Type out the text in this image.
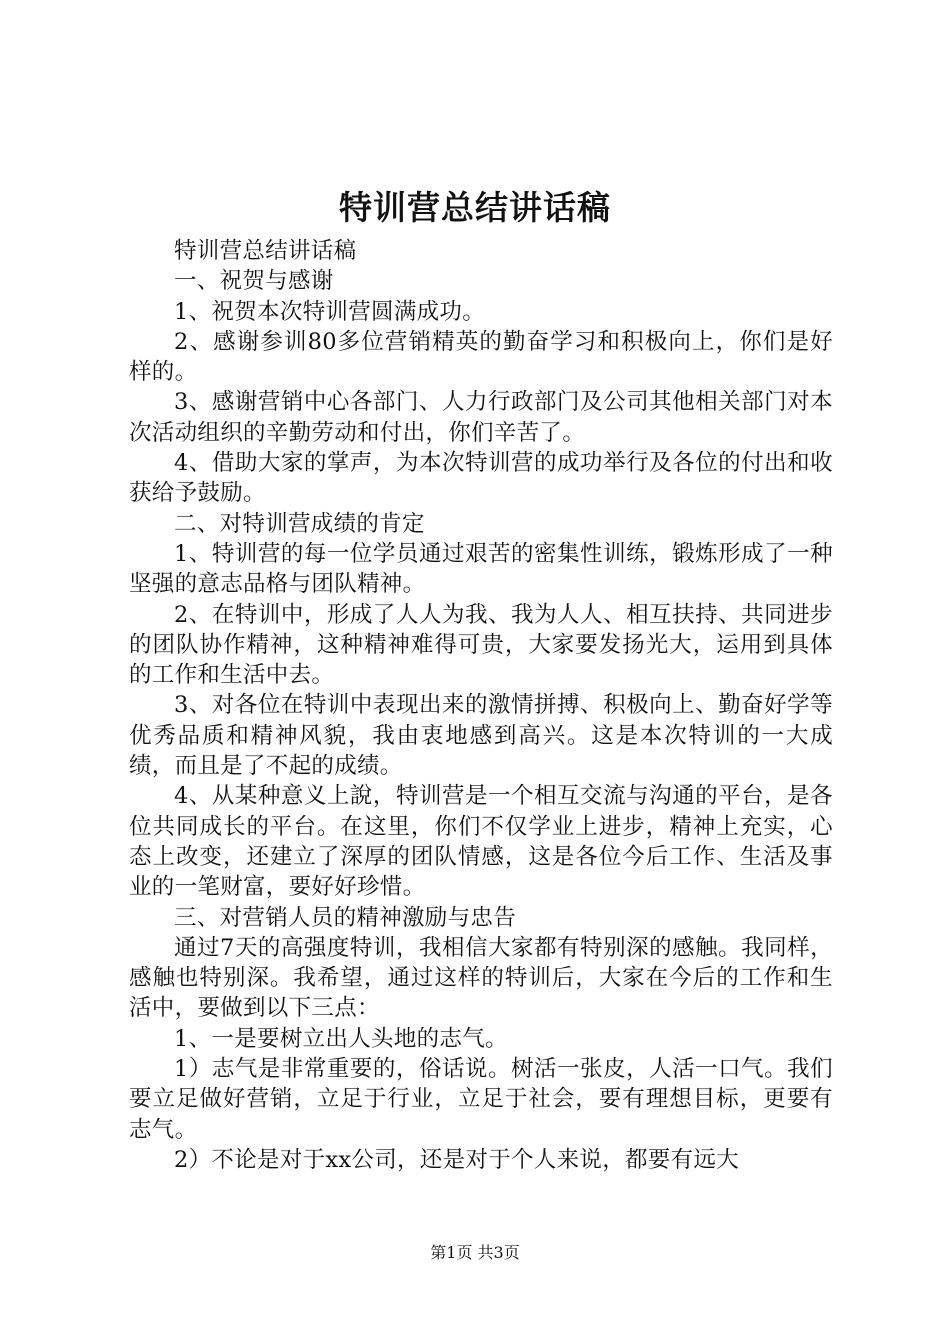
特训营总结讲话稿

特训营总结讲话稿

一、祝贺与感谢

1、祝贺本次特训营圆满成功。

2、感谢参训80多位营销精英的勤奋学习和积极向上，你们是好样的。

3、感谢营销中心各部门、人力行政部门及公司其他相关部门对本次活动组织的辛勤劳动和付出，你们辛苦了。

4、借助大家的掌声，为本次特训营的成功举行及各位的付出和收获给予鼓励。

二、对特训营成绩的肯定

1、特训营的每一位学员通过艰苦的密集性训练，锻炼形成了一种坚强的意志品格与团队精神。

2、在特训中，形成了人人为我、我为人人、相互扶持、共同进步的团队协作精神，这种精神难得可贵，大家要发扬光大，运用到具体的工作和生活中去。

3、对各位在特训中表现出来的激情拼搏、积极向上、勤奋好学等优秀品质和精神风貌，我由衷地感到高兴。这是本次特训的一大成绩，而且是了不起的成绩。

4、从某种意义上說，特训营是一个相互交流与沟通的平台，是各位共同成长的平台。在这里，你们不仅学业上进步，精神上充实，心态上改变，还建立了深厚的团队情感，这是各位今后工作、生活及事业的一笔财富，要好好珍惜。

三、对营销人员的精神激励与忠告

通过7天的高强度特训，我相信大家都有特别深的感触。我同样，感触也特别深。我希望，通过这样的特训后，大家在今后的工作和生活中，要做到以下三点：

1、一是要树立出人头地的志气。

1）志气是非常重要的，俗话说。树活一张皮，人活一口气。我们要立足做好营销，立足于行业，立足于社会，要有理想目标，更要有志气。

2）不论是对于xx公司，还是对于个人来说，都要有远大

第1页 共3页
